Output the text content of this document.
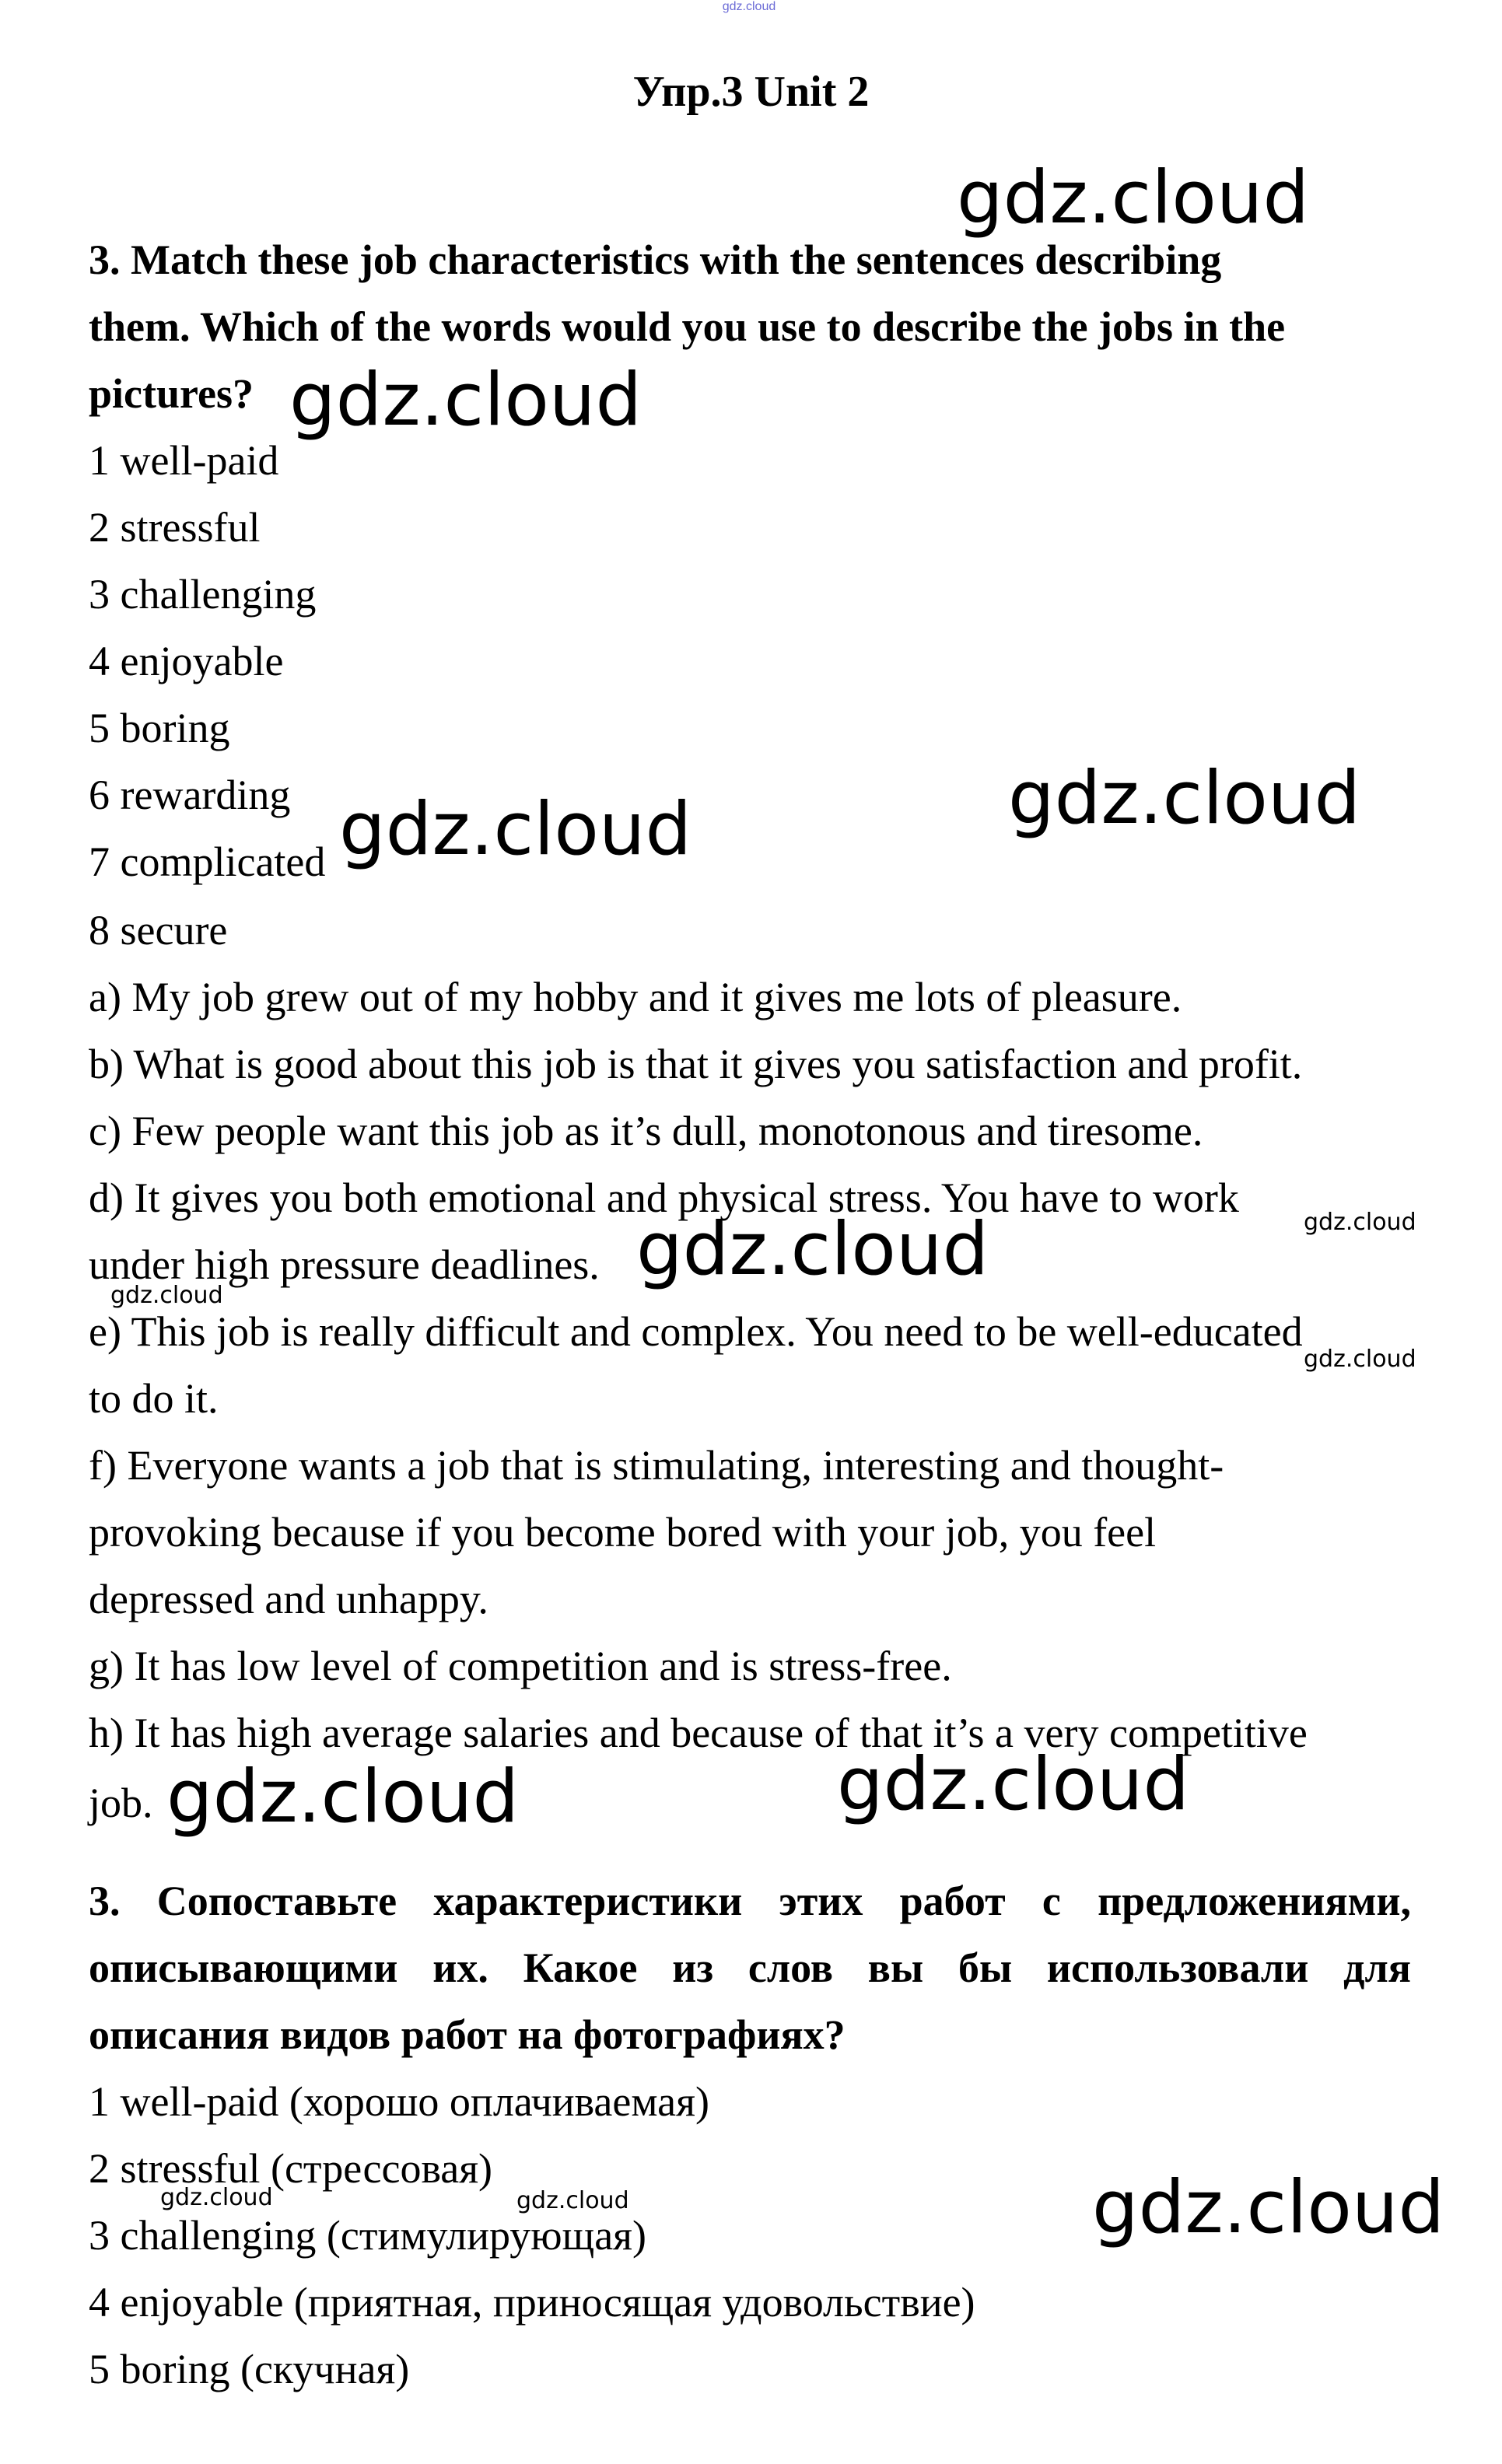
gdz.cloud
Упр.3 Unit 2
3. Match these job characteristics with the sentences describing
them. Which of the words would you use to describe the jobs in the
pictures?
1 well-paid
2 stressful
3 challenging
4 enjoyable
5 boring
6 rewarding
7 complicated
8 secure
a) My job grew out of my hobby and it gives me lots of pleasure.
b) What is good about this job is that it gives you satisfaction and profit.
c) Few people want this job as it’s dull, monotonous and tiresome.
d) It gives you both emotional and physical stress. You have to work
under high pressure deadlines.
e) This job is really difficult and complex. You need to be well-educated
to do it.
f) Everyone wants a job that is stimulating, interesting and thought-
provoking because if you become bored with your job, you feel
depressed and unhappy.
g) It has low level of competition and is stress-free.
h) It has high average salaries and because of that it’s a very competitive
job.
3. Сопоставьте характеристики этих работ с предложениями,
описывающими их. Какое из слов вы бы использовали для
описания видов работ на фотографиях?
1 well-paid (хорошо оплачиваемая)
2 stressful (стрессовая)
3 challenging (стимулирующая)
4 enjoyable (приятная, приносящая удовольствие)
5 boring (скучная)
gdz.cloud
gdz.cloud
gdz.cloud
gdz.cloud
gdz.cloud	gdz.cloud
gdz.cloud
gdz.cloud
gdz.cloud
gdz.cloud
gdz.cloud	gdz.cloud	gdz.cloud
